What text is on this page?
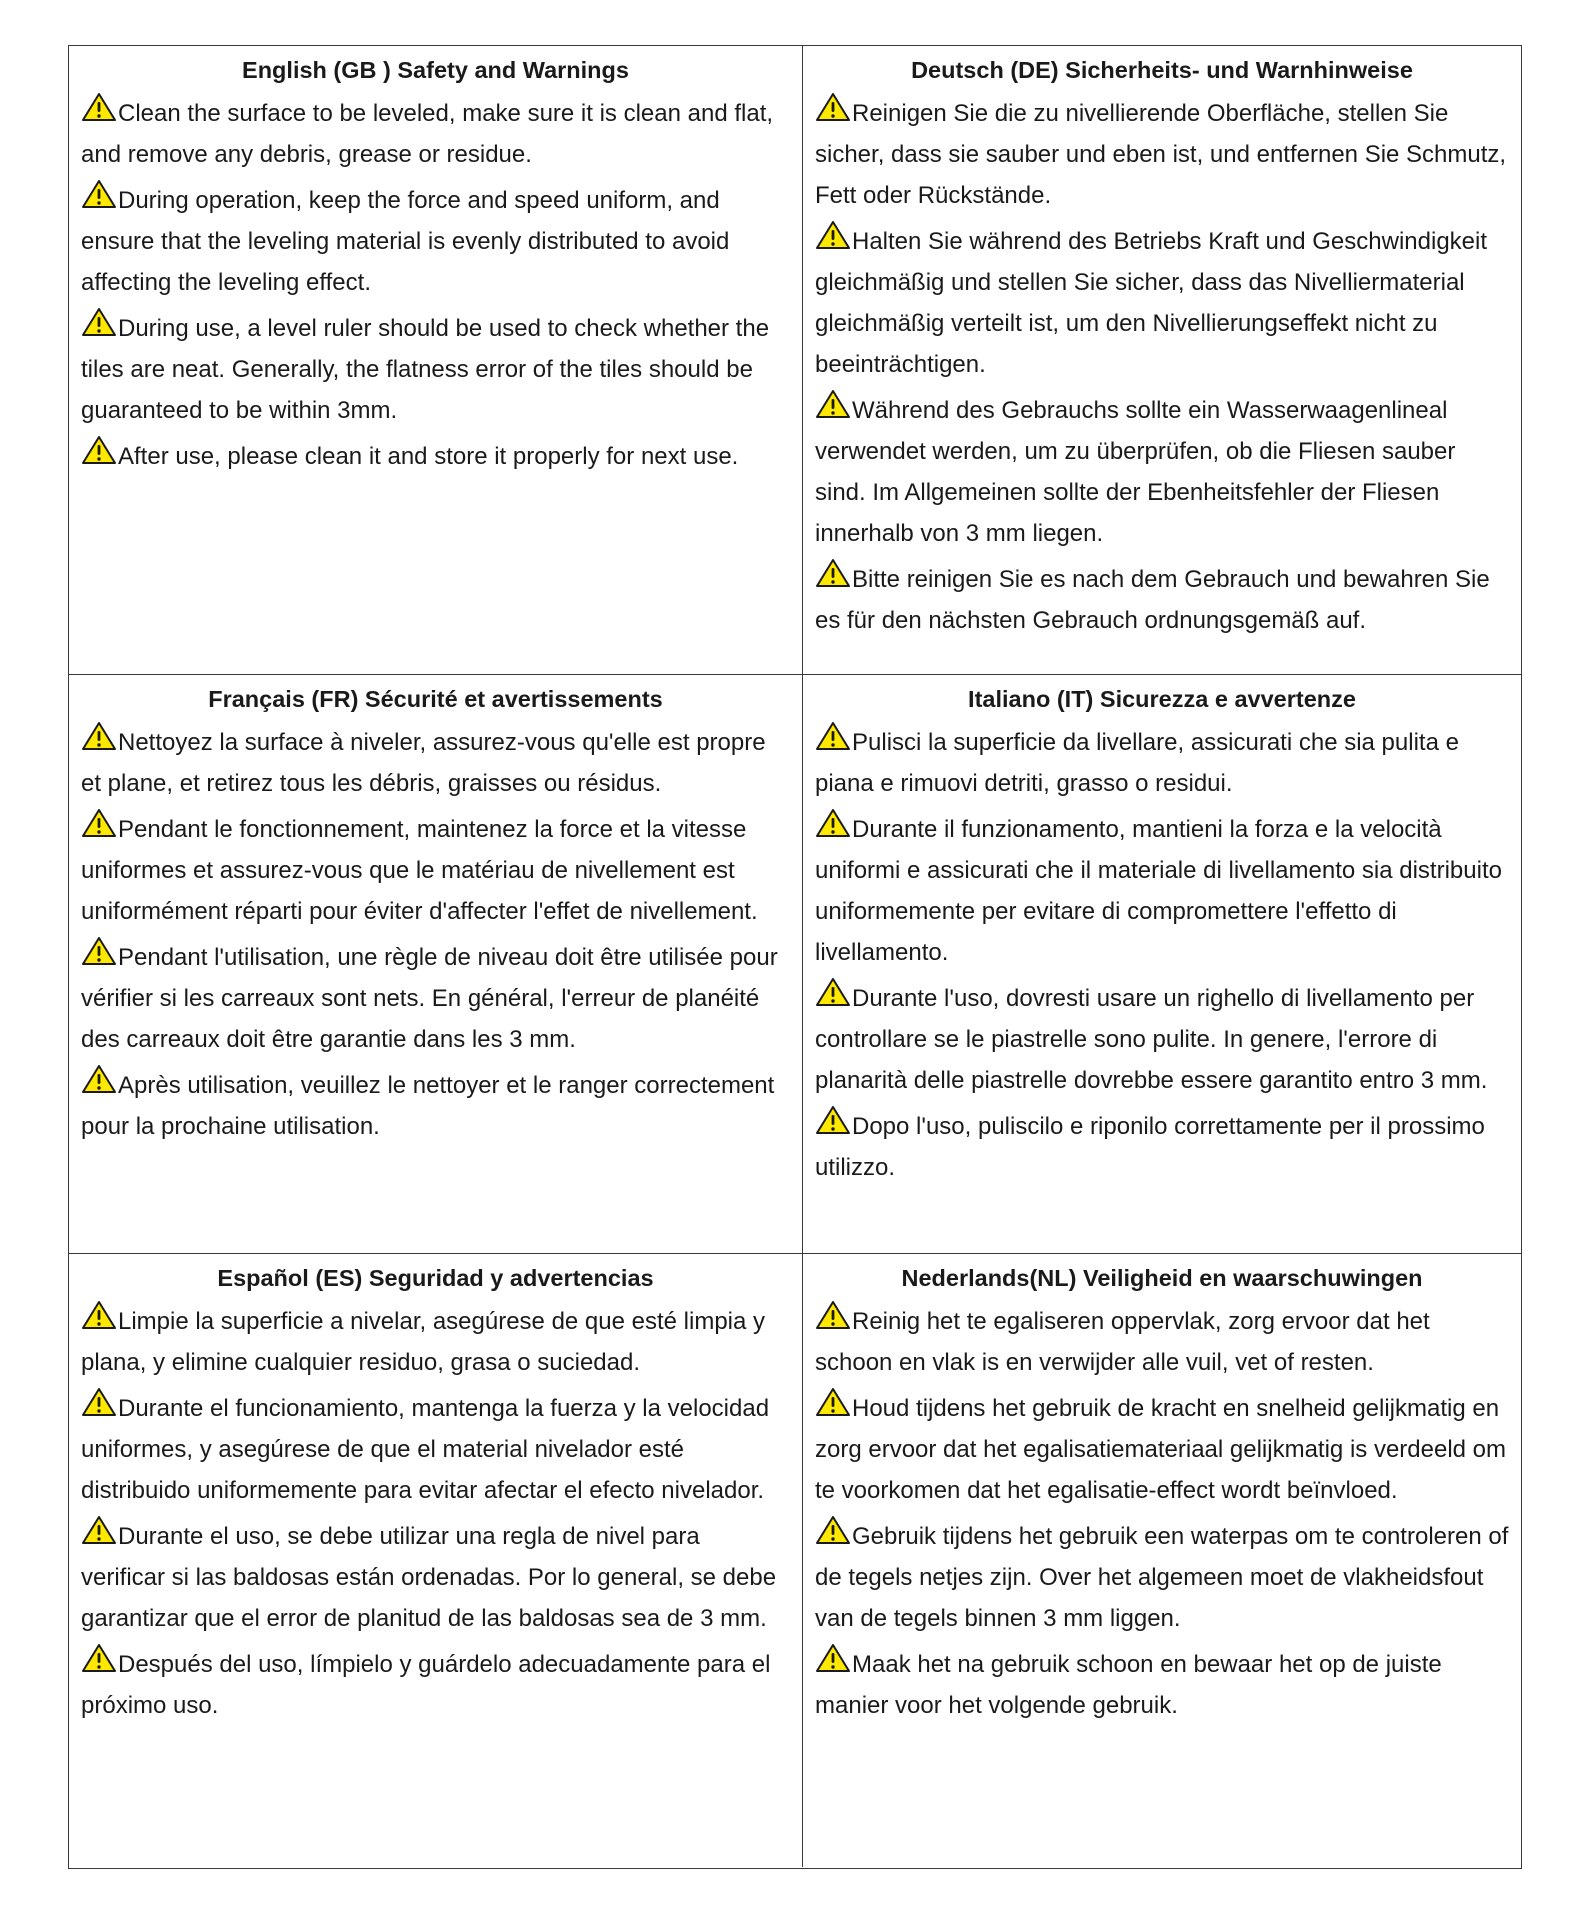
English (GB ) Safety and Warnings
Clean the surface to be leveled, make sure it is clean and flat, and remove any debris, grease or residue.
During operation, keep the force and speed uniform, and ensure that the leveling material is evenly distributed to avoid affecting the leveling effect.
During use, a level ruler should be used to check whether the tiles are neat. Generally, the flatness error of the tiles should be guaranteed to be within 3mm.
After use, please clean it and store it properly for next use.
Deutsch (DE) Sicherheits- und Warnhinweise
Reinigen Sie die zu nivellierende Oberfläche, stellen Sie sicher, dass sie sauber und eben ist, und entfernen Sie Schmutz, Fett oder Rückstände.
Halten Sie während des Betriebs Kraft und Geschwindigkeit gleichmäßig und stellen Sie sicher, dass das Nivelliermaterial gleichmäßig verteilt ist, um den Nivellierungseffekt nicht zu beeinträchtigen.
Während des Gebrauchs sollte ein Wasserwaagenlineal verwendet werden, um zu überprüfen, ob die Fliesen sauber sind. Im Allgemeinen sollte der Ebenheitsfehler der Fliesen innerhalb von 3 mm liegen.
Bitte reinigen Sie es nach dem Gebrauch und bewahren Sie es für den nächsten Gebrauch ordnungsgemäß auf.
Français (FR) Sécurité et avertissements
Nettoyez la surface à niveler, assurez-vous qu'elle est propre et plane, et retirez tous les débris, graisses ou résidus.
Pendant le fonctionnement, maintenez la force et la vitesse uniformes et assurez-vous que le matériau de nivellement est uniformément réparti pour éviter d'affecter l'effet de nivellement.
Pendant l'utilisation, une règle de niveau doit être utilisée pour vérifier si les carreaux sont nets. En général, l'erreur de planéité des carreaux doit être garantie dans les 3 mm.
Après utilisation, veuillez le nettoyer et le ranger correctement pour la prochaine utilisation.
Italiano (IT) Sicurezza e avvertenze
Pulisci la superficie da livellare, assicurati che sia pulita e piana e rimuovi detriti, grasso o residui.
Durante il funzionamento, mantieni la forza e la velocità uniformi e assicurati che il materiale di livellamento sia distribuito uniformemente per evitare di compromettere l'effetto di livellamento.
Durante l'uso, dovresti usare un righello di livellamento per controllare se le piastrelle sono pulite. In genere, l'errore di planarità delle piastrelle dovrebbe essere garantito entro 3 mm.
Dopo l'uso, puliscilo e riponilo correttamente per il prossimo utilizzo.
Español (ES) Seguridad y advertencias
Limpie la superficie a nivelar, asegúrese de que esté limpia y plana, y elimine cualquier residuo, grasa o suciedad.
Durante el funcionamiento, mantenga la fuerza y la velocidad uniformes, y asegúrese de que el material nivelador esté distribuido uniformemente para evitar afectar el efecto nivelador.
Durante el uso, se debe utilizar una regla de nivel para verificar si las baldosas están ordenadas. Por lo general, se debe garantizar que el error de planitud de las baldosas sea de 3 mm.
Después del uso, límpielo y guárdelo adecuadamente para el próximo uso.
Nederlands(NL) Veiligheid en waarschuwingen
Reinig het te egaliseren oppervlak, zorg ervoor dat het schoon en vlak is en verwijder alle vuil, vet of resten.
Houd tijdens het gebruik de kracht en snelheid gelijkmatig en zorg ervoor dat het egalisatiemateriaal gelijkmatig is verdeeld om te voorkomen dat het egalisatie-effect wordt beïnvloed.
Gebruik tijdens het gebruik een waterpas om te controleren of de tegels netjes zijn. Over het algemeen moet de vlakheidsfout van de tegels binnen 3 mm liggen.
Maak het na gebruik schoon en bewaar het op de juiste manier voor het volgende gebruik.
